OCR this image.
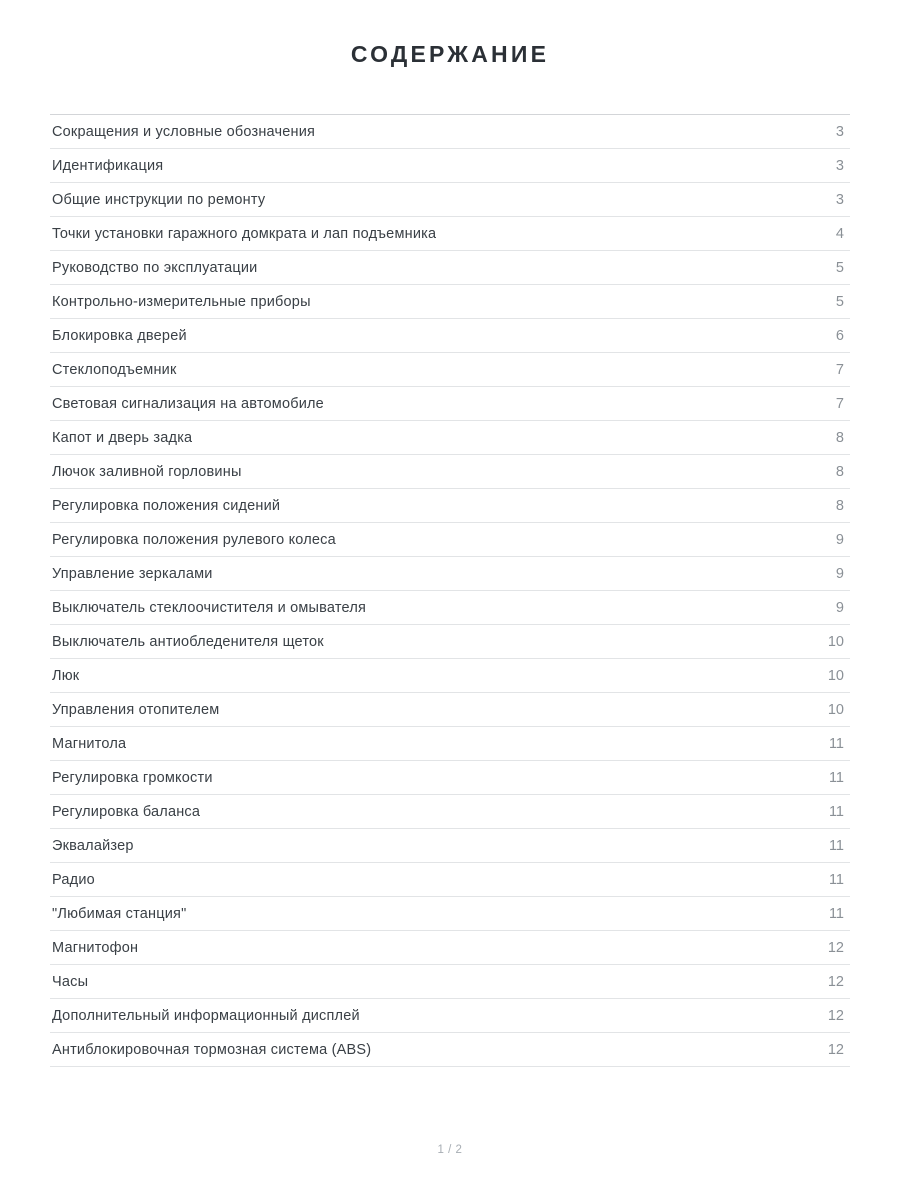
СОДЕРЖАНИЕ
Сокращения и условные обозначения	3
Идентификация	3
Общие инструкции по ремонту	3
Точки установки гаражного домкрата и лап подъемника	4
Руководство по эксплуатации	5
Контрольно-измерительные приборы	5
Блокировка дверей	6
Стеклоподъемник	7
Световая сигнализация на автомобиле	7
Капот и дверь задка	8
Лючок заливной горловины	8
Регулировка положения сидений	8
Регулировка положения рулевого колеса	9
Управление зеркалами	9
Выключатель стеклоочистителя и омывателя	9
Выключатель антиобледенителя щеток	10
Люк	10
Управления отопителем	10
Магнитола	11
Регулировка громкости	11
Регулировка баланса	11
Эквалайзер	11
Радио	11
"Любимая станция"	11
Магнитофон	12
Часы	12
Дополнительный информационный дисплей	12
Антиблокировочная тормозная система (ABS)	12
1 / 2
